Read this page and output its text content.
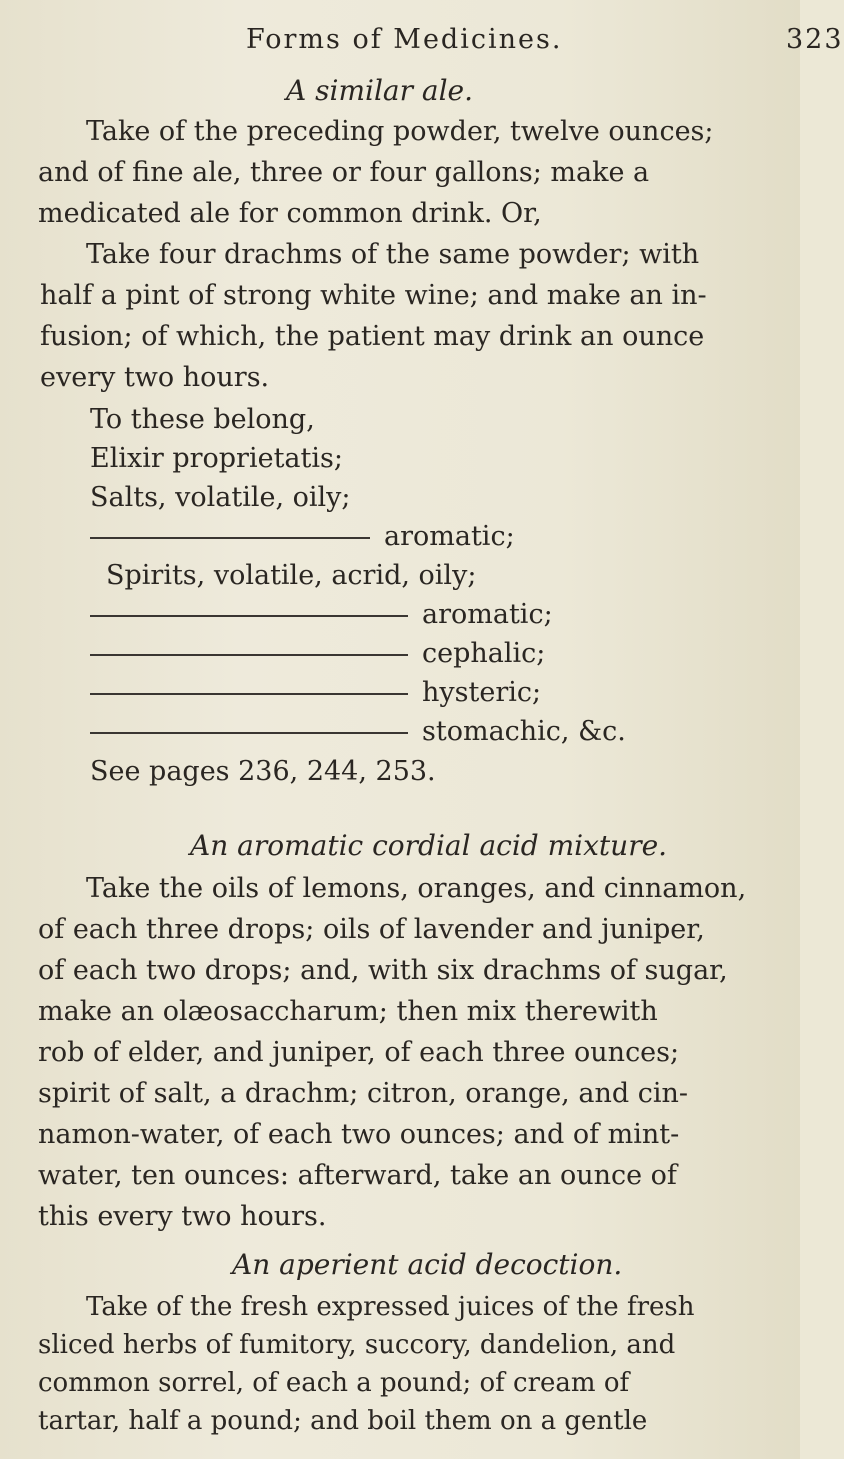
Forms of Medicines.	323
A similar ale.
Take of the preceding powder, twelve ounces;
and of fine ale, three or four gallons; make a
medicated ale for common drink. Or,
Take four drachms of the same powder; with
half a pint of strong white wine; and make an in-
fusion; of which, the patient may drink an ounce
every two hours.
To these belong,
Elixir proprietatis;
Salts, volatile, oily;
aromatic;
Spirits, volatile, acrid, oily;
aromatic;
cephalic;
hysteric;
stomachic, &c.
See pages 236, 244, 253.
An aromatic cordial acid mixture.
Take the oils of lemons, oranges, and cinnamon,
of each three drops; oils of lavender and juniper,
of each two drops; and, with six drachms of sugar,
make an olæosaccharum; then mix therewith
rob of elder, and juniper, of each three ounces;
spirit of salt, a drachm; citron, orange, and cin-
namon-water, of each two ounces; and of mint-
water, ten ounces: afterward, take an ounce of
this every two hours.
An aperient acid decoction.
Take of the fresh expressed juices of the fresh
sliced herbs of fumitory, succory, dandelion, and
common sorrel, of each a pound; of cream of
tartar, half a pound; and boil them on a gentle
